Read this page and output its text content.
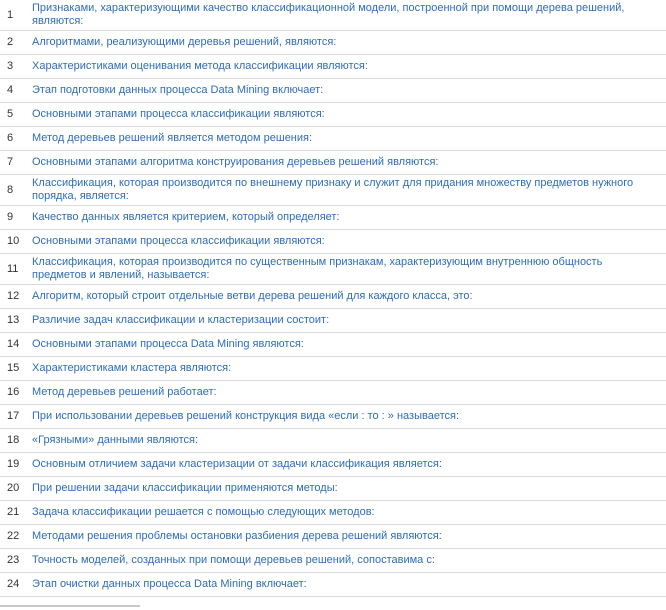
1	Признаками, характеризующими качество классификационной модели, построенной при помощи дерева решений, являются:
2	Алгоритмами, реализующими деревья решений, являются:
3	Характеристиками оценивания метода классификации являются:
4	Этап подготовки данных процесса Data Mining включает:
5	Основными этапами процесса классификации являются:
6	Метод деревьев решений является методом решения:
7	Основными этапами алгоритма конструирования деревьев решений являются:
8	Классификация, которая производится по внешнему признаку и служит для придания множеству предметов нужного порядка, является:
9	Качество данных является критерием, который определяет:
10	Основными этапами процесса классификации являются:
11	Классификация, которая производится по существенным признакам, характеризующим внутреннюю общность предметов и явлений, называется:
12	Алгоритм, который строит отдельные ветви дерева решений для каждого класса, это:
13	Различие задач классификации и кластеризации состоит:
14	Основными этапами процесса Data Mining являются:
15	Характеристиками кластера являются:
16	Метод деревьев решений работает:
17	При использовании деревьев решений конструкция вида «если : то : » называется:
18	«Грязными» данными являются:
19	Основным отличием задачи кластеризации от задачи классификация является:
20	При решении задачи классификации применяются методы:
21	Задача классификации решается с помощью следующих методов:
22	Методами решения проблемы остановки разбиения дерева решений являются:
23	Точность моделей, созданных при помощи деревьев решений, сопоставима с:
24	Этап очистки данных процесса Data Mining включает:
